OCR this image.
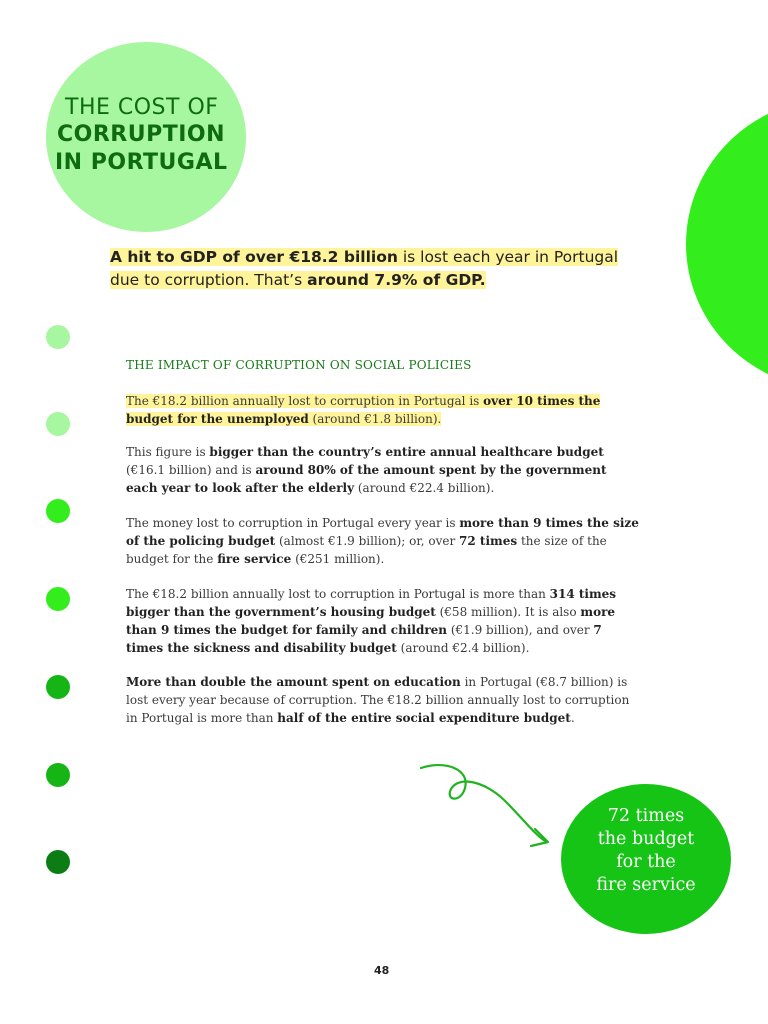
THE COST OF
CORRUPTION
IN PORTUGAL
A hit to GDP of over €18.2 billion is lost each year in Portugal due to corruption. That’s around 7.9% of GDP.
THE IMPACT OF CORRUPTION ON SOCIAL POLICIES
The €18.2 billion annually lost to corruption in Portugal is over 10 times the budget for the unemployed (around €1.8 billion).
This figure is bigger than the country’s entire annual healthcare budget (€16.1 billion) and is around 80% of the amount spent by the government each year to look after the elderly (around €22.4 billion).
The money lost to corruption in Portugal every year is more than 9 times the size of the policing budget (almost €1.9 billion); or, over 72 times the size of the budget for the fire service (€251 million).
The €18.2 billion annually lost to corruption in Portugal is more than 314 times bigger than the government’s housing budget (€58 million). It is also more than 9 times the budget for family and children (€1.9 billion), and over 7 times the sickness and disability budget (around €2.4 billion).
More than double the amount spent on education in Portugal (€8.7 billion) is lost every year because of corruption. The €18.2 billion annually lost to corruption in Portugal is more than half of the entire social expenditure budget.
72 times
the budget
for the
fire service
48
